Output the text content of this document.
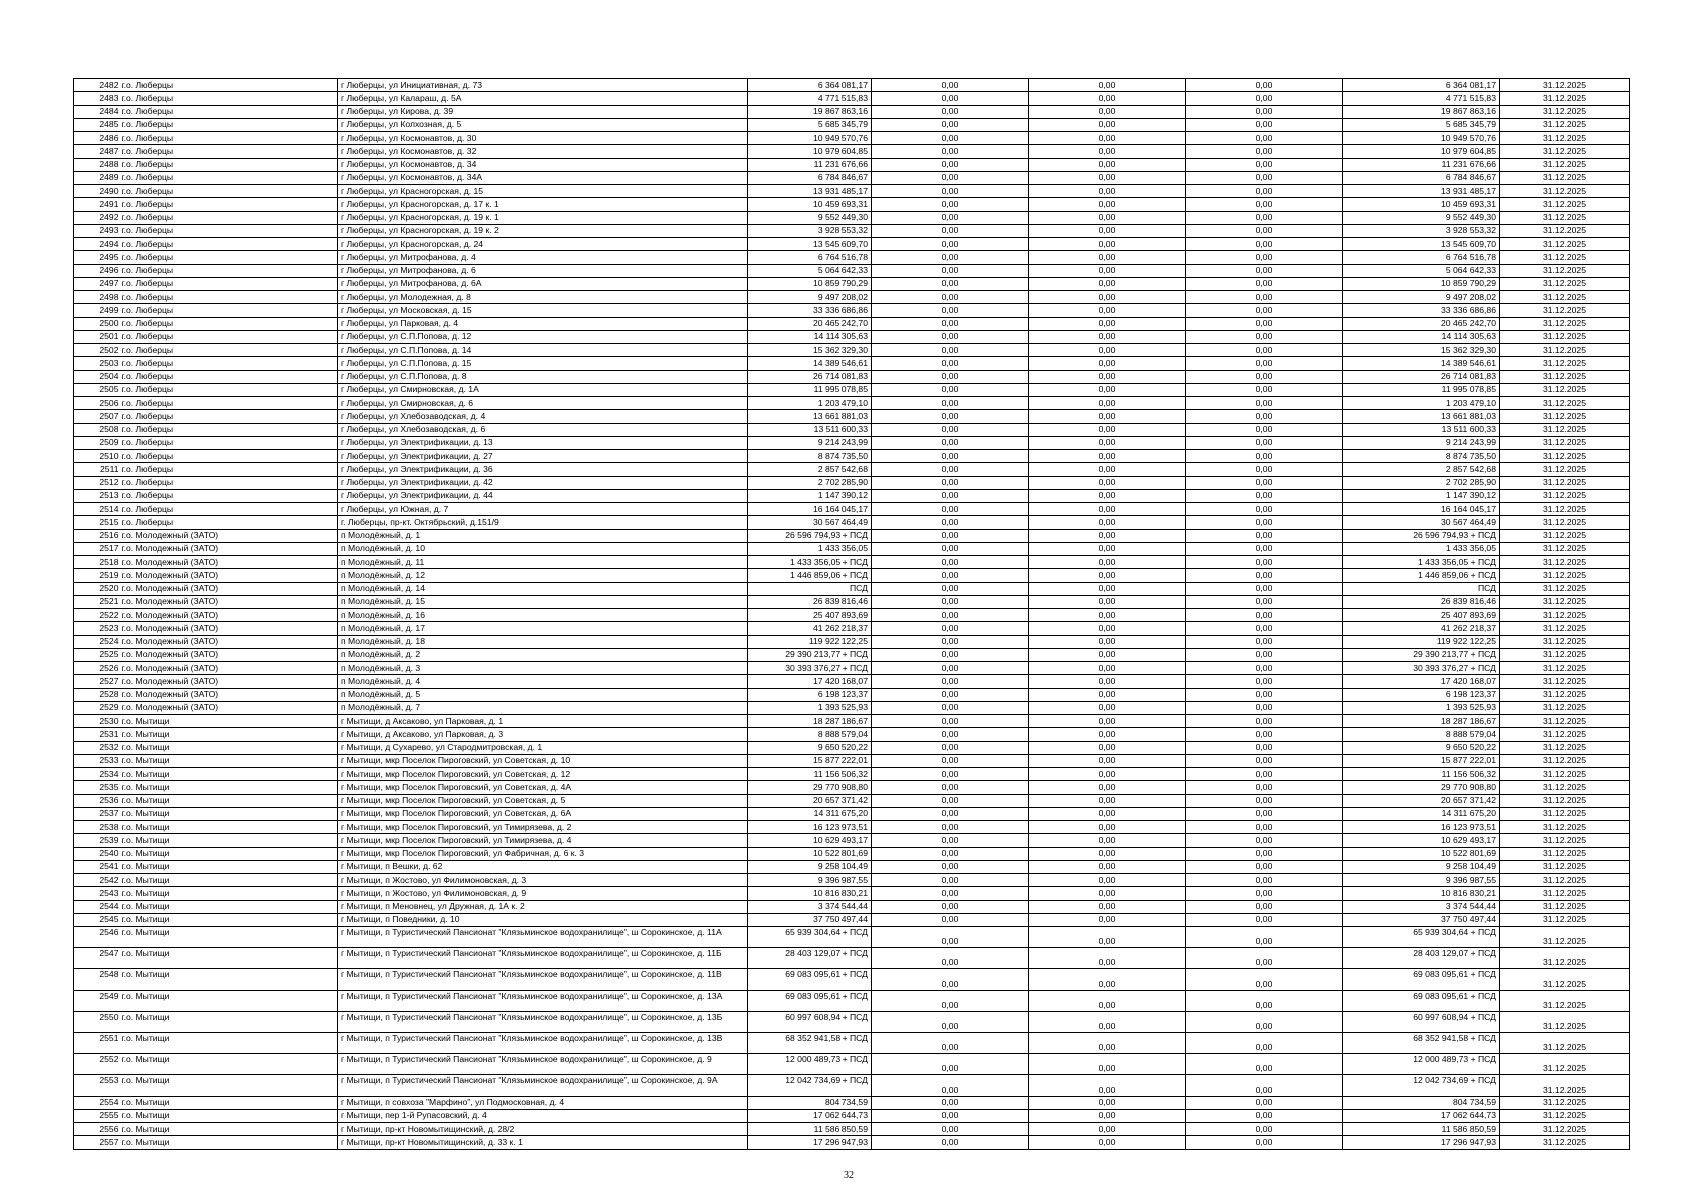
2482	г.о. Люберцы	г Люберцы, ул Инициативная, д. 73	6 364 081,17	0,00	0,00	0,00	6 364 081,17	31.12.2025
2483	г.о. Люберцы	г Люберцы, ул Калараш, д. 5А	4 771 515,83	0,00	0,00	0,00	4 771 515,83	31.12.2025
2484	г.о. Люберцы	г Люберцы, ул Кирова, д. 39	19 867 863,16	0,00	0,00	0,00	19 867 863,16	31.12.2025
2485	г.о. Люберцы	г Люберцы, ул Колхозная, д. 5	5 685 345,79	0,00	0,00	0,00	5 685 345,79	31.12.2025
2486	г.о. Люберцы	г Люберцы, ул Космонавтов, д. 30	10 949 570,76	0,00	0,00	0,00	10 949 570,76	31.12.2025
2487	г.о. Люберцы	г Люберцы, ул Космонавтов, д. 32	10 979 604,85	0,00	0,00	0,00	10 979 604,85	31.12.2025
2488	г.о. Люберцы	г Люберцы, ул Космонавтов, д. 34	11 231 676,66	0,00	0,00	0,00	11 231 676,66	31.12.2025
2489	г.о. Люберцы	г Люберцы, ул Космонавтов, д. 34А	6 784 846,67	0,00	0,00	0,00	6 784 846,67	31.12.2025
2490	г.о. Люберцы	г Люберцы, ул Красногорская, д. 15	13 931 485,17	0,00	0,00	0,00	13 931 485,17	31.12.2025
2491	г.о. Люберцы	г Люберцы, ул Красногорская, д. 17 к. 1	10 459 693,31	0,00	0,00	0,00	10 459 693,31	31.12.2025
2492	г.о. Люберцы	г Люберцы, ул Красногорская, д. 19 к. 1	9 552 449,30	0,00	0,00	0,00	9 552 449,30	31.12.2025
2493	г.о. Люберцы	г Люберцы, ул Красногорская, д. 19 к. 2	3 928 553,32	0,00	0,00	0,00	3 928 553,32	31.12.2025
2494	г.о. Люберцы	г Люберцы, ул Красногорская, д. 24	13 545 609,70	0,00	0,00	0,00	13 545 609,70	31.12.2025
2495	г.о. Люберцы	г Люберцы, ул Митрофанова, д. 4	6 764 516,78	0,00	0,00	0,00	6 764 516,78	31.12.2025
2496	г.о. Люберцы	г Люберцы, ул Митрофанова, д. 6	5 064 642,33	0,00	0,00	0,00	5 064 642,33	31.12.2025
2497	г.о. Люберцы	г Люберцы, ул Митрофанова, д. 6А	10 859 790,29	0,00	0,00	0,00	10 859 790,29	31.12.2025
2498	г.о. Люберцы	г Люберцы, ул Молодежная, д. 8	9 497 208,02	0,00	0,00	0,00	9 497 208,02	31.12.2025
2499	г.о. Люберцы	г Люберцы, ул Московская, д. 15	33 336 686,86	0,00	0,00	0,00	33 336 686,86	31.12.2025
2500	г.о. Люберцы	г Люберцы, ул Парковая, д. 4	20 465 242,70	0,00	0,00	0,00	20 465 242,70	31.12.2025
2501	г.о. Люберцы	г Люберцы, ул С.П.Попова, д. 12	14 114 305,63	0,00	0,00	0,00	14 114 305,63	31.12.2025
2502	г.о. Люберцы	г Люберцы, ул С.П.Попова, д. 14	15 362 329,30	0,00	0,00	0,00	15 362 329,30	31.12.2025
2503	г.о. Люберцы	г Люберцы, ул С.П.Попова, д. 15	14 389 546,61	0,00	0,00	0,00	14 389 546,61	31.12.2025
2504	г.о. Люберцы	г Люберцы, ул С.П.Попова, д. 8	26 714 081,83	0,00	0,00	0,00	26 714 081,83	31.12.2025
2505	г.о. Люберцы	г Люберцы, ул Смирновская, д. 1А	11 995 078,85	0,00	0,00	0,00	11 995 078,85	31.12.2025
2506	г.о. Люберцы	г Люберцы, ул Смирновская, д. 6	1 203 479,10	0,00	0,00	0,00	1 203 479,10	31.12.2025
2507	г.о. Люберцы	г Люберцы, ул Хлебозаводская, д. 4	13 661 881,03	0,00	0,00	0,00	13 661 881,03	31.12.2025
2508	г.о. Люберцы	г Люберцы, ул Хлебозаводская, д. 6	13 511 600,33	0,00	0,00	0,00	13 511 600,33	31.12.2025
2509	г.о. Люберцы	г Люберцы, ул Электрификации, д. 13	9 214 243,99	0,00	0,00	0,00	9 214 243,99	31.12.2025
2510	г.о. Люберцы	г Люберцы, ул Электрификации, д. 27	8 874 735,50	0,00	0,00	0,00	8 874 735,50	31.12.2025
2511	г.о. Люберцы	г Люберцы, ул Электрификации, д. 36	2 857 542,68	0,00	0,00	0,00	2 857 542,68	31.12.2025
2512	г.о. Люберцы	г Люберцы, ул Электрификации, д. 42	2 702 285,90	0,00	0,00	0,00	2 702 285,90	31.12.2025
2513	г.о. Люберцы	г Люберцы, ул Электрификации, д. 44	1 147 390,12	0,00	0,00	0,00	1 147 390,12	31.12.2025
2514	г.о. Люберцы	г Люберцы, ул Южная, д. 7	16 164 045,17	0,00	0,00	0,00	16 164 045,17	31.12.2025
2515	г.о. Люберцы	г. Люберцы, пр-кт. Октябрьский, д.151/9	30 567 464,49	0,00	0,00	0,00	30 567 464,49	31.12.2025
2516	г.о. Молодежный (ЗАТО)	п Молодёжный, д. 1	26 596 794,93 + ПСД	0,00	0,00	0,00	26 596 794,93 + ПСД	31.12.2025
2517	г.о. Молодежный (ЗАТО)	п Молодёжный, д. 10	1 433 356,05	0,00	0,00	0,00	1 433 356,05	31.12.2025
2518	г.о. Молодежный (ЗАТО)	п Молодёжный, д. 11	1 433 356,05 + ПСД	0,00	0,00	0,00	1 433 356,05 + ПСД	31.12.2025
2519	г.о. Молодежный (ЗАТО)	п Молодёжный, д. 12	1 446 859,06 + ПСД	0,00	0,00	0,00	1 446 859,06 + ПСД	31.12.2025
2520	г.о. Молодежный (ЗАТО)	п Молодёжный, д. 14	ПСД	0,00	0,00	0,00	ПСД	31.12.2025
2521	г.о. Молодежный (ЗАТО)	п Молодёжный, д. 15	26 839 816,46	0,00	0,00	0,00	26 839 816,46	31.12.2025
2522	г.о. Молодежный (ЗАТО)	п Молодёжный, д. 16	25 407 893,69	0,00	0,00	0,00	25 407 893,69	31.12.2025
2523	г.о. Молодежный (ЗАТО)	п Молодёжный, д. 17	41 262 218,37	0,00	0,00	0,00	41 262 218,37	31.12.2025
2524	г.о. Молодежный (ЗАТО)	п Молодёжный, д. 18	119 922 122,25	0,00	0,00	0,00	119 922 122,25	31.12.2025
2525	г.о. Молодежный (ЗАТО)	п Молодёжный, д. 2	29 390 213,77 + ПСД	0,00	0,00	0,00	29 390 213,77 + ПСД	31.12.2025
2526	г.о. Молодежный (ЗАТО)	п Молодёжный, д. 3	30 393 376,27 + ПСД	0,00	0,00	0,00	30 393 376,27 + ПСД	31.12.2025
2527	г.о. Молодежный (ЗАТО)	п Молодёжный, д. 4	17 420 168,07	0,00	0,00	0,00	17 420 168,07	31.12.2025
2528	г.о. Молодежный (ЗАТО)	п Молодёжный, д. 5	6 198 123,37	0,00	0,00	0,00	6 198 123,37	31.12.2025
2529	г.о. Молодежный (ЗАТО)	п Молодёжный, д. 7	1 393 525,93	0,00	0,00	0,00	1 393 525,93	31.12.2025
2530	г.о. Мытищи	г Мытищи, д Аксаково, ул Парковая, д. 1	18 287 186,67	0,00	0,00	0,00	18 287 186,67	31.12.2025
2531	г.о. Мытищи	г Мытищи, д Аксаково, ул Парковая, д. 3	8 888 579,04	0,00	0,00	0,00	8 888 579,04	31.12.2025
2532	г.о. Мытищи	г Мытищи, д Сухарево, ул Стародмитровская, д. 1	9 650 520,22	0,00	0,00	0,00	9 650 520,22	31.12.2025
2533	г.о. Мытищи	г Мытищи, мкр Поселок Пироговский, ул Советская, д. 10	15 877 222,01	0,00	0,00	0,00	15 877 222,01	31.12.2025
2534	г.о. Мытищи	г Мытищи, мкр Поселок Пироговский, ул Советская, д. 12	11 156 506,32	0,00	0,00	0,00	11 156 506,32	31.12.2025
2535	г.о. Мытищи	г Мытищи, мкр Поселок Пироговский, ул Советская, д. 4А	29 770 908,80	0,00	0,00	0,00	29 770 908,80	31.12.2025
2536	г.о. Мытищи	г Мытищи, мкр Поселок Пироговский, ул Советская, д. 5	20 657 371,42	0,00	0,00	0,00	20 657 371,42	31.12.2025
2537	г.о. Мытищи	г Мытищи, мкр Поселок Пироговский, ул Советская, д. 6А	14 311 675,20	0,00	0,00	0,00	14 311 675,20	31.12.2025
2538	г.о. Мытищи	г Мытищи, мкр Поселок Пироговский, ул Тимирязева, д. 2	16 123 973,51	0,00	0,00	0,00	16 123 973,51	31.12.2025
2539	г.о. Мытищи	г Мытищи, мкр Поселок Пироговский, ул Тимирязева, д. 4	10 629 493,17	0,00	0,00	0,00	10 629 493,17	31.12.2025
2540	г.о. Мытищи	г Мытищи, мкр Поселок Пироговский, ул Фабричная, д. 6 к. 3	10 522 801,69	0,00	0,00	0,00	10 522 801,69	31.12.2025
2541	г.о. Мытищи	г Мытищи, п Вешки, д. 62	9 258 104,49	0,00	0,00	0,00	9 258 104,49	31.12.2025
2542	г.о. Мытищи	г Мытищи, п Жостово, ул Филимоновская, д. 3	9 396 987,55	0,00	0,00	0,00	9 396 987,55	31.12.2025
2543	г.о. Мытищи	г Мытищи, п Жостово, ул Филимоновская, д. 9	10 816 830,21	0,00	0,00	0,00	10 816 830,21	31.12.2025
2544	г.о. Мытищи	г Мытищи, п Меновнец, ул Дружная, д. 1А к. 2	3 374 544,44	0,00	0,00	0,00	3 374 544,44	31.12.2025
2545	г.о. Мытищи	г Мытищи, п Поведники, д. 10	37 750 497,44	0,00	0,00	0,00	37 750 497,44	31.12.2025
2546	г.о. Мытищи	г Мытищи, п Туристический Пансионат "Клязьминское водохранилище", ш Сорокинское, д. 11А	65 939 304,64 + ПСД	0,00	0,00	0,00	65 939 304,64 + ПСД	31.12.2025
2547	г.о. Мытищи	г Мытищи, п Туристический Пансионат "Клязьминское водохранилище", ш Сорокинское, д. 11Б	28 403 129,07 + ПСД	0,00	0,00	0,00	28 403 129,07 + ПСД	31.12.2025
2548	г.о. Мытищи	г Мытищи, п Туристический Пансионат "Клязьминское водохранилище", ш Сорокинское, д. 11В	69 083 095,61 + ПСД	0,00	0,00	0,00	69 083 095,61 + ПСД	31.12.2025
2549	г.о. Мытищи	г Мытищи, п Туристический Пансионат "Клязьминское водохранилище", ш Сорокинское, д. 13А	69 083 095,61 + ПСД	0,00	0,00	0,00	69 083 095,61 + ПСД	31.12.2025
2550	г.о. Мытищи	г Мытищи, п Туристический Пансионат "Клязьминское водохранилище", ш Сорокинское, д. 13Б	60 997 608,94 + ПСД	0,00	0,00	0,00	60 997 608,94 + ПСД	31.12.2025
2551	г.о. Мытищи	г Мытищи, п Туристический Пансионат "Клязьминское водохранилище", ш Сорокинское, д. 13В	68 352 941,58 + ПСД	0,00	0,00	0,00	68 352 941,58 + ПСД	31.12.2025
2552	г.о. Мытищи	г Мытищи, п Туристический Пансионат "Клязьминское водохранилище", ш Сорокинское, д. 9	12 000 489,73 + ПСД	0,00	0,00	0,00	12 000 489,73 + ПСД	31.12.2025
2553	г.о. Мытищи	г Мытищи, п Туристический Пансионат "Клязьминское водохранилище", ш Сорокинское, д. 9А	12 042 734,69 + ПСД	0,00	0,00	0,00	12 042 734,69 + ПСД	31.12.2025
2554	г.о. Мытищи	г Мытищи, п совхоза "Марфино", ул Подмосковная, д. 4	804 734,59	0,00	0,00	0,00	804 734,59	31.12.2025
2555	г.о. Мытищи	г Мытищи, пер 1-й Рупасовский, д. 4	17 062 644,73	0,00	0,00	0,00	17 062 644,73	31.12.2025
2556	г.о. Мытищи	г Мытищи, пр-кт Новомытищинский, д. 28/2	11 586 850,59	0,00	0,00	0,00	11 586 850,59	31.12.2025
2557	г.о. Мытищи	г Мытищи, пр-кт Новомытищинский, д. 33 к. 1	17 296 947,93	0,00	0,00	0,00	17 296 947,93	31.12.2025
32
